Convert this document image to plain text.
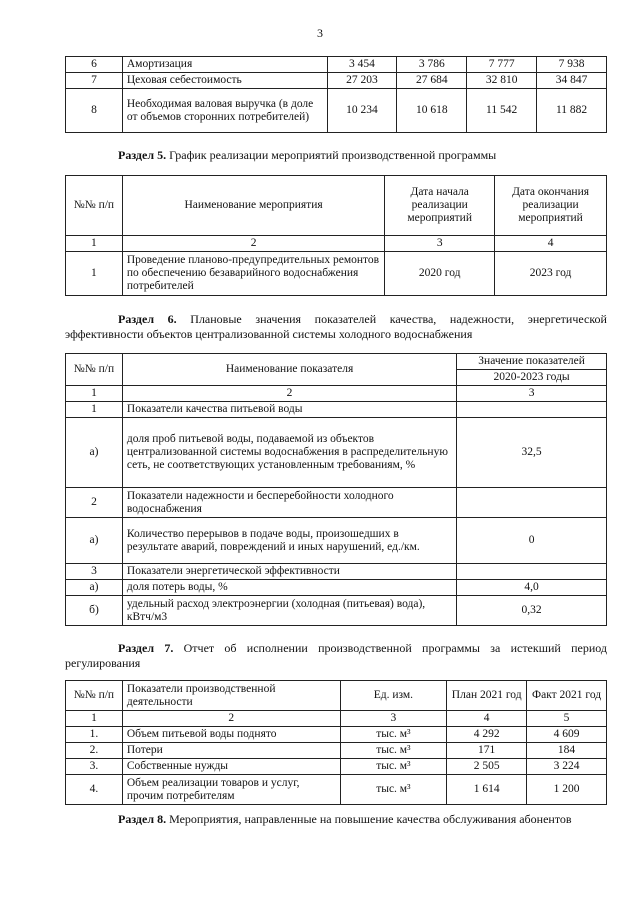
3
6	Амортизация	3 454	3 786	7 777	7 938
7	Цеховая себестоимость	27 203	27 684	32 810	34 847
8	Необходимая валовая выручка (в доле от объемов сторонних потребителей)	10 234	10 618	11 542	11 882
Раздел 5. График реализации мероприятий производственной программы
№№ п/п	Наименование мероприятия	Дата начала реализации мероприятий	Дата окончания реализации мероприятий
1	2	3	4
1	Проведение планово-предупредительных ремонтов по обеспечению безаварийного водоснабжения потребителей	2020 год	2023 год
Раздел 6. Плановые значения показателей качества, надежности, энергетической эффективности объектов централизованной системы холодного водоснабжения
№№ п/п	Наименование показателя	Значение показателей
		2020-2023 годы
1	2	3
1	Показатели качества питьевой воды	
а)	доля проб питьевой воды, подаваемой из объектов централизованной системы водоснабжения в распределительную сеть, не соответствующих установленным требованиям, %	32,5
2	Показатели надежности и бесперебойности холодного водоснабжения	
а)	Количество перерывов в подаче воды, произошедших в результате аварий, повреждений и иных нарушений, ед./км.	0
3	Показатели энергетической эффективности	
а)	доля потерь воды, %	4,0
б)	удельный расход электроэнергии (холодная (питьевая) вода), кВтч/м3	0,32
Раздел 7. Отчет об исполнении производственной программы за истекший период регулирования
№№ п/п	Показатели производственной деятельности	Ед. изм.	План 2021 год	Факт 2021 год
1	2	3	4	5
1.	Объем питьевой воды поднято	тыс. м³	4 292	4 609
2.	Потери	тыс. м³	171	184
3.	Собственные нужды	тыс. м³	2 505	3 224
4.	Объем реализации товаров и услуг, прочим потребителям	тыс. м³	1 614	1 200
Раздел 8. Мероприятия, направленные на повышение качества обслуживания абонентов
